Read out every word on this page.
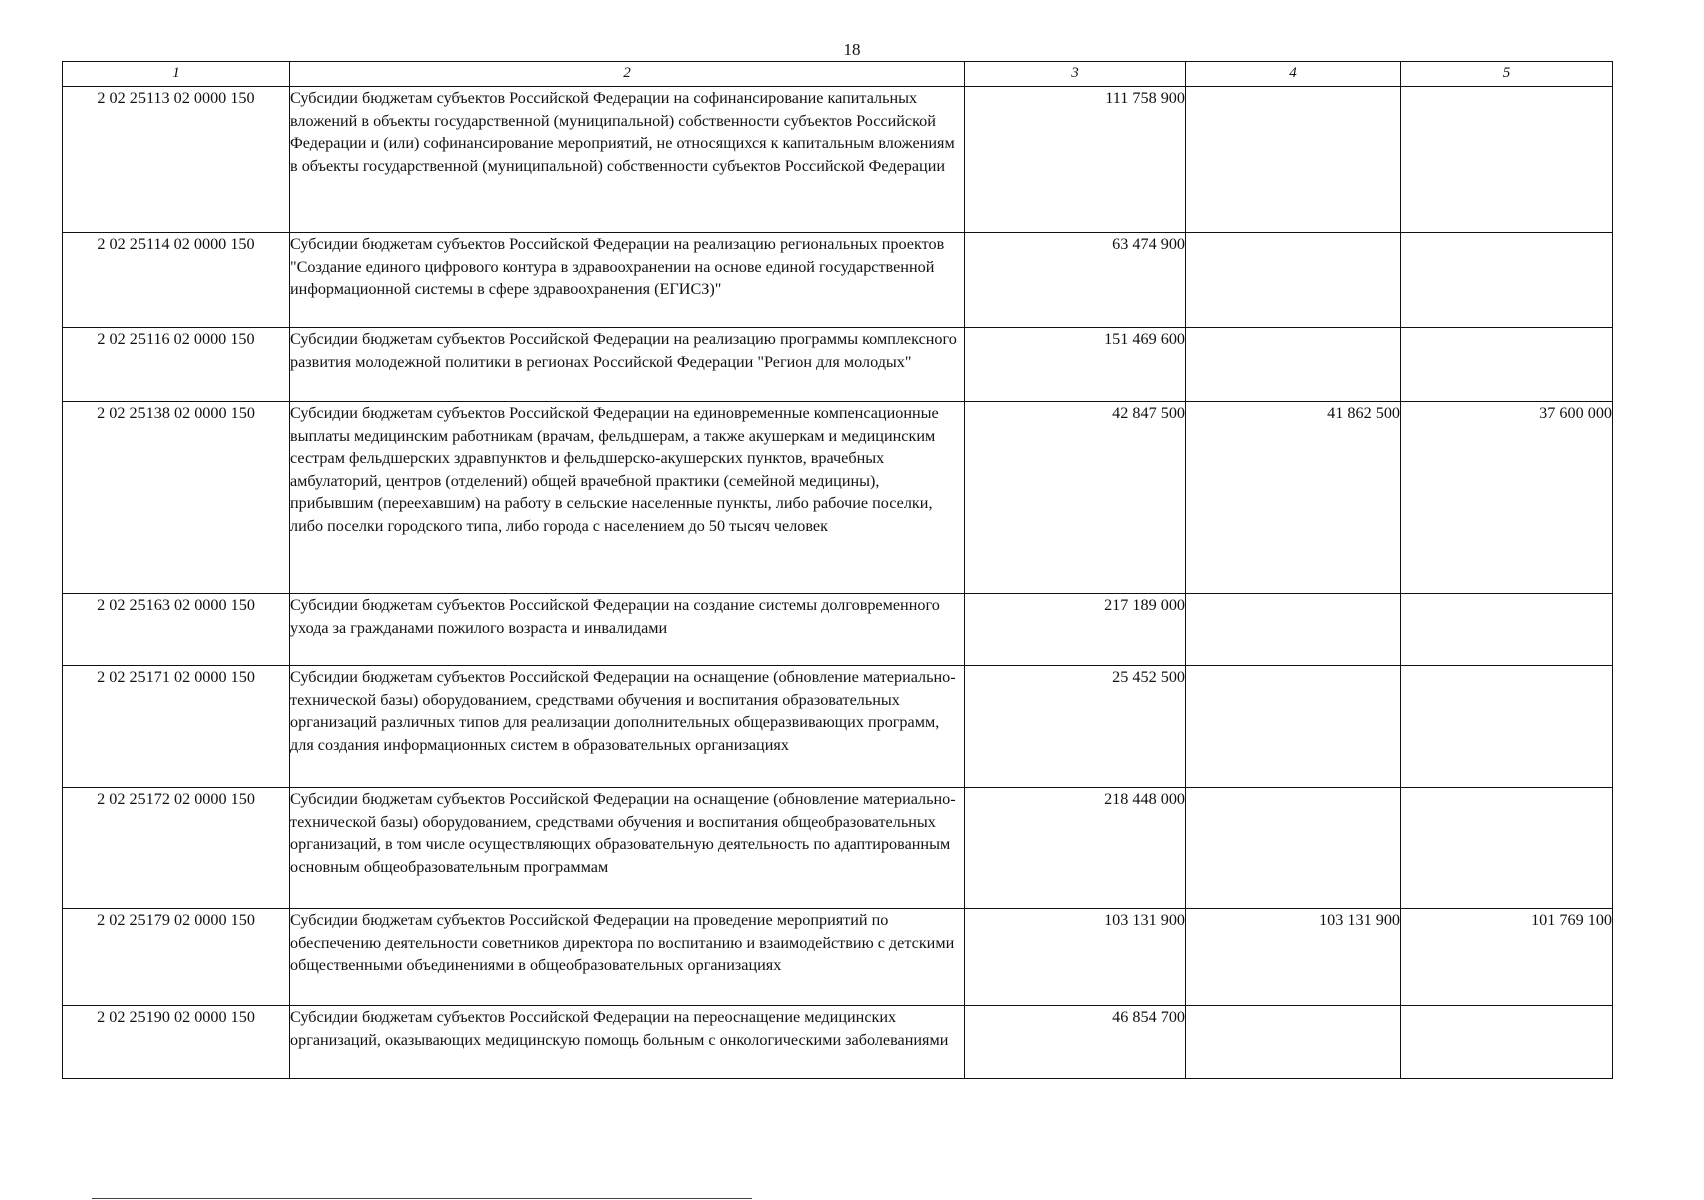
18
1	2	3	4	5
2 02 25113 02 0000 150	Субсидии бюджетам субъектов Российской Федерации на софинансирование капитальных вложений в объекты государственной (муниципальной) собственности субъектов Российской Федерации и (или) софинансирование мероприятий, не относящихся к капитальным вложениям в объекты государственной (муниципальной) собственности субъектов Российской Федерации	111 758 900		
2 02 25114 02 0000 150	Субсидии бюджетам субъектов Российской Федерации на реализацию региональных проектов "Создание единого цифрового контура в здравоохранении на основе единой государственной информационной системы в сфере здравоохранения (ЕГИСЗ)"	63 474 900		
2 02 25116 02 0000 150	Субсидии бюджетам субъектов Российской Федерации на реализацию программы комплексного развития молодежной политики в регионах Российской Федерации "Регион для молодых"	151 469 600		
2 02 25138 02 0000 150	Субсидии бюджетам субъектов Российской Федерации на единовременные компенсационные выплаты медицинским работникам (врачам, фельдшерам, а также акушеркам и медицинским сестрам фельдшерских здравпунктов и фельдшерско-акушерских пунктов, врачебных амбулаторий, центров (отделений) общей врачебной практики (семейной медицины), прибывшим (переехавшим) на работу в сельские населенные пункты, либо рабочие поселки, либо поселки городского типа, либо города с населением до 50 тысяч человек	42 847 500	41 862 500	37 600 000
2 02 25163 02 0000 150	Субсидии бюджетам субъектов Российской Федерации на создание системы долговременного ухода за гражданами пожилого возраста и инвалидами	217 189 000		
2 02 25171 02 0000 150	Субсидии бюджетам субъектов Российской Федерации на оснащение (обновление материально-технической базы) оборудованием, средствами обучения и воспитания образовательных организаций различных типов для реализации дополнительных общеразвивающих программ, для создания информационных систем в образовательных организациях	25 452 500		
2 02 25172 02 0000 150	Субсидии бюджетам субъектов Российской Федерации на оснащение (обновление материально-технической базы) оборудованием, средствами обучения и воспитания общеобразовательных организаций, в том числе осуществляющих образовательную деятельность по адаптированным основным общеобразовательным программам	218 448 000		
2 02 25179 02 0000 150	Субсидии бюджетам субъектов Российской Федерации на проведение мероприятий по обеспечению деятельности советников директора по воспитанию и взаимодействию с детскими общественными объединениями в общеобразовательных организациях	103 131 900	103 131 900	101 769 100
2 02 25190 02 0000 150	Субсидии бюджетам субъектов Российской Федерации на переоснащение медицинских организаций, оказывающих медицинскую помощь больным с онкологическими заболеваниями	46 854 700		
